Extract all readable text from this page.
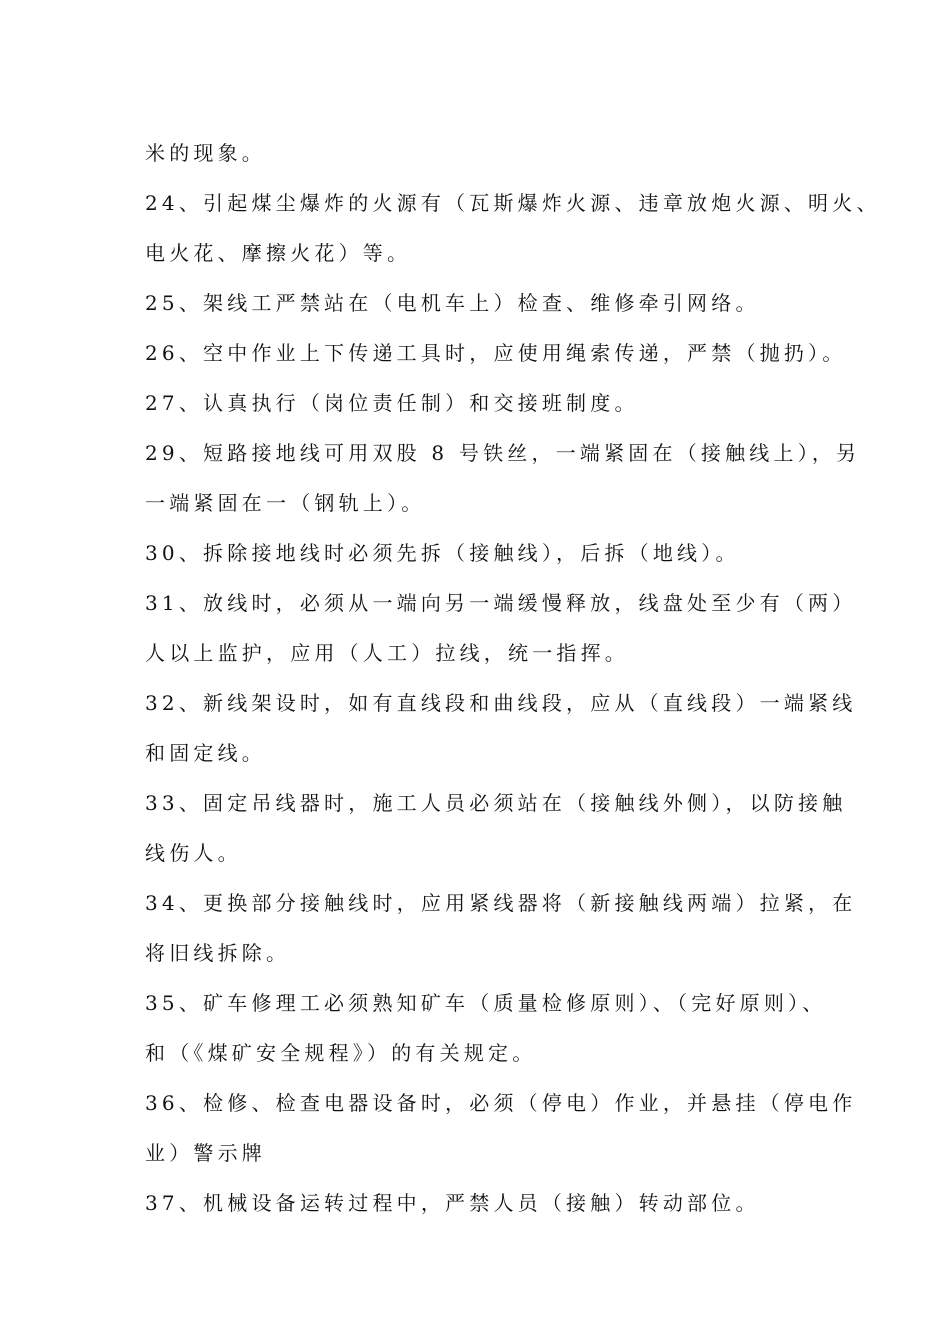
米的现象。
24、引起煤尘爆炸的火源有（瓦斯爆炸火源、违章放炮火源、明火、
电火花、摩擦火花）等。
25、架线工严禁站在（电机车上）检查、维修牵引网络。
26、空中作业上下传递工具时，应使用绳索传递，严禁（抛扔）。
27、认真执行（岗位责任制）和交接班制度。
29、短路接地线可用双股 8 号铁丝，一端紧固在（接触线上），另
一端紧固在一（钢轨上）。
30、拆除接地线时必须先拆（接触线），后拆（地线）。
31、放线时，必须从一端向另一端缓慢释放，线盘处至少有（两）
人以上监护，应用（人工）拉线，统一指挥。
32、新线架设时，如有直线段和曲线段，应从（直线段）一端紧线
和固定线。
33、固定吊线器时，施工人员必须站在（接触线外侧），以防接触
线伤人。
34、更换部分接触线时，应用紧线器将（新接触线两端）拉紧，在
将旧线拆除。
35、矿车修理工必须熟知矿车（质量检修原则）、（完好原则）、
和（《煤矿安全规程》）的有关规定。
36、检修、检查电器设备时，必须（停电）作业，并悬挂（停电作
业）警示牌
37、机械设备运转过程中，严禁人员（接触）转动部位。
